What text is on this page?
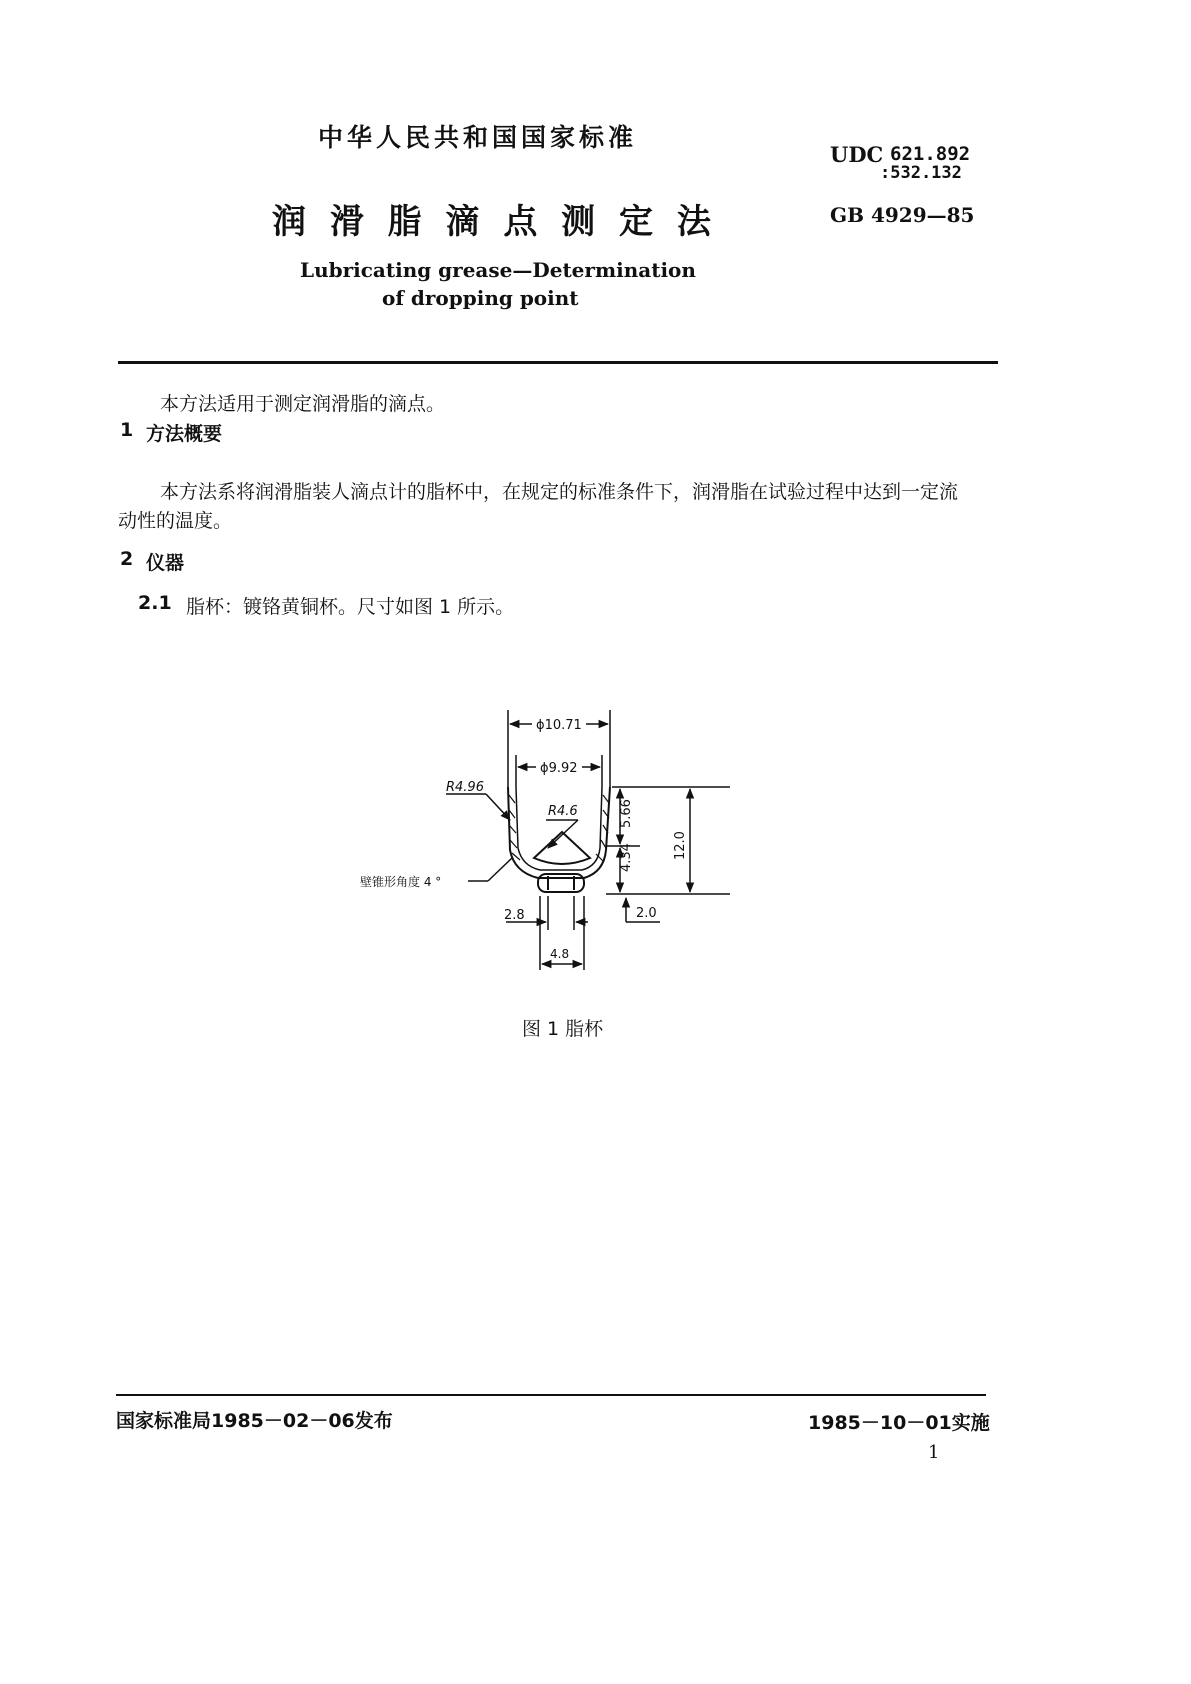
中华人民共和国国家标准
UDC 621.892
:532.132
润 滑 脂 滴 点 测 定 法	GB 4929—85
Lubricating grease—Determination
of dropping point
本方法适用于测定润滑脂的滴点。
1 方法概要
本方法系将润滑脂装人滴点计的脂杯中，在规定的标准条件下，润滑脂在试验过程中达到一定流
动性的温度。
2 仪器
2.1 脂杯：镀铬黄铜杯。尺寸如图 1 所示。
ϕ10.71
ϕ9.92
R4.96
R4.6	5.66
4.34	12.0
2.0
2.8
4.8
壁锥形角度 4 °
图 1 脂杯
国家标准局1985－02－06发布	1985－10－01实施
1
